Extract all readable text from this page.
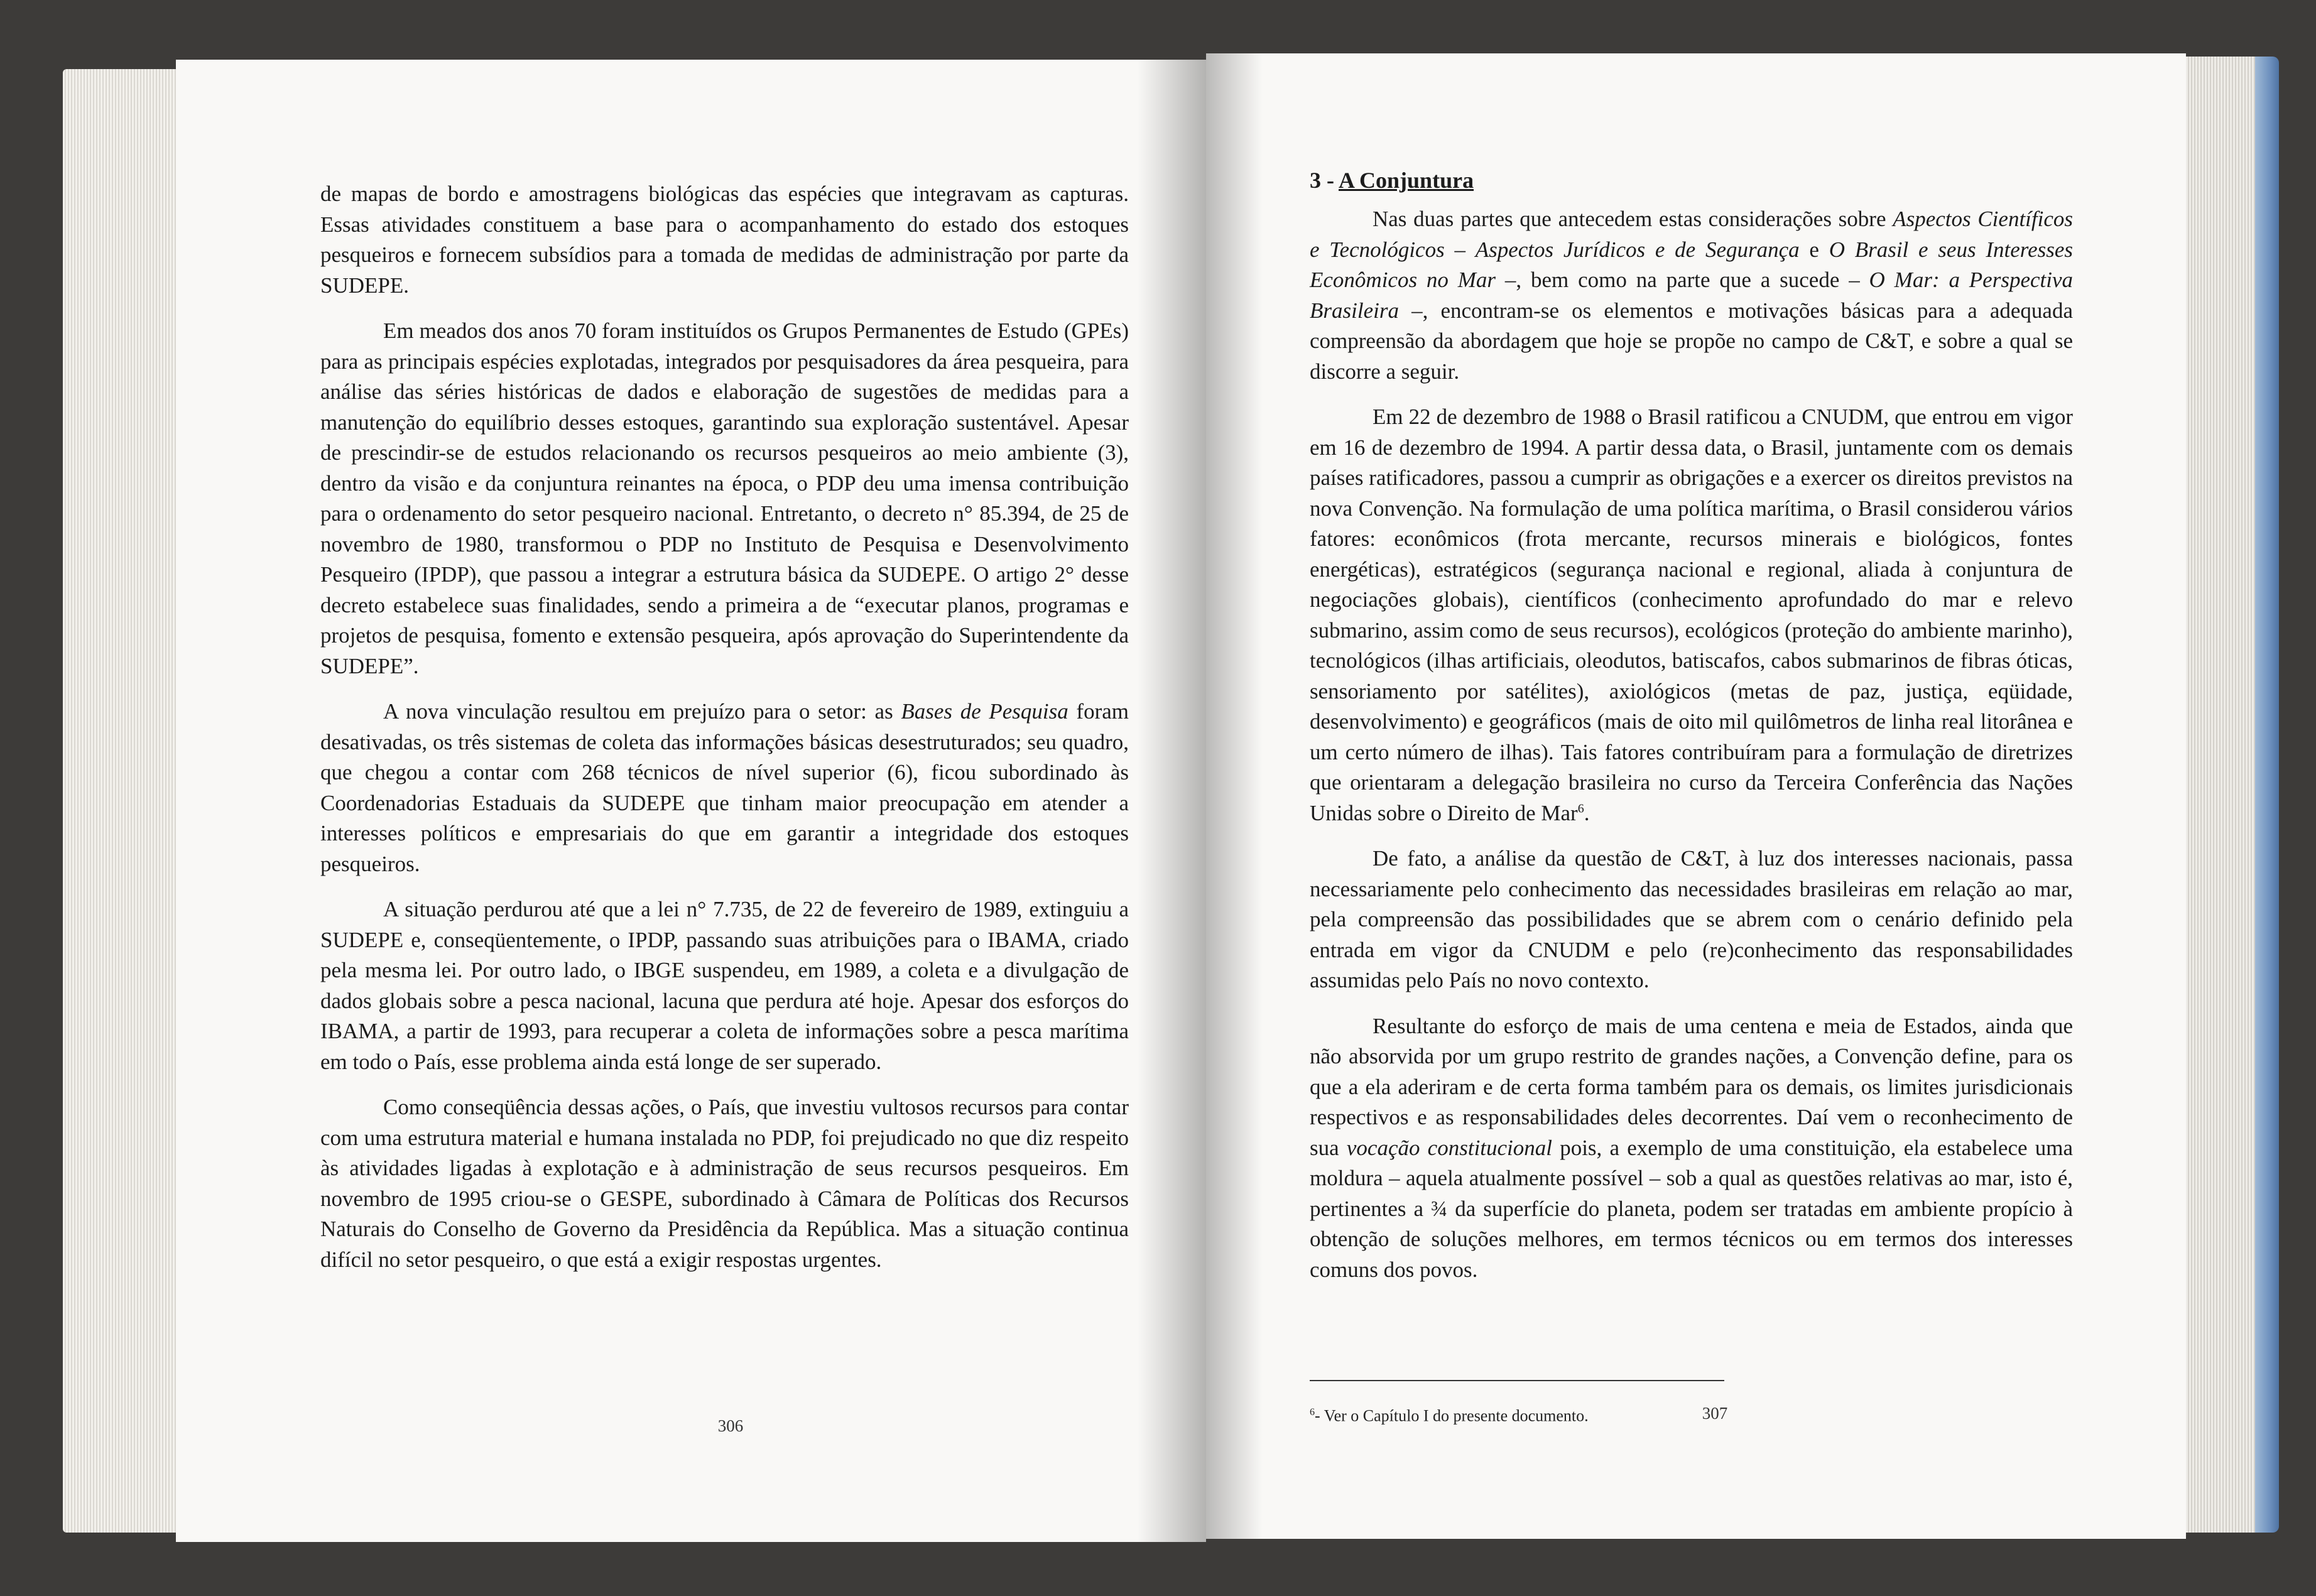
de mapas de bordo e amostragens biológicas das espécies que integravam as capturas. Essas atividades constituem a base para o acompanhamento do estado dos estoques pesqueiros e fornecem subsídios para a tomada de medidas de administração por parte da SUDEPE.

Em meados dos anos 70 foram instituídos os Grupos Permanentes de Estudo (GPEs) para as principais espécies explotadas, integrados por pesquisadores da área pesqueira, para análise das séries históricas de dados e elaboração de sugestões de medidas para a manutenção do equilíbrio desses estoques, garantindo sua exploração sustentável. Apesar de prescindir-se de estudos relacionando os recursos pesqueiros ao meio ambiente (3), dentro da visão e da conjuntura reinantes na época, o PDP deu uma imensa contribuição para o ordenamento do setor pesqueiro nacional. Entretanto, o decreto n° 85.394, de 25 de novembro de 1980, transformou o PDP no Instituto de Pesquisa e Desenvolvimento Pesqueiro (IPDP), que passou a integrar a estrutura básica da SUDEPE. O artigo 2° desse decreto estabelece suas finalidades, sendo a primeira a de “executar planos, programas e projetos de pesquisa, fomento e extensão pesqueira, após aprovação do Superintendente da SUDEPE”.

A nova vinculação resultou em prejuízo para o setor: as Bases de Pesquisa foram desativadas, os três sistemas de coleta das informações básicas desestruturados; seu quadro, que chegou a contar com 268 técnicos de nível superior (6), ficou subordinado às Coordenadorias Estaduais da SUDEPE que tinham maior preocupação em atender a interesses políticos e empresariais do que em garantir a integridade dos estoques pesqueiros.

A situação perdurou até que a lei n° 7.735, de 22 de fevereiro de 1989, extinguiu a SUDEPE e, conseqüentemente, o IPDP, passando suas atribuições para o IBAMA, criado pela mesma lei. Por outro lado, o IBGE suspendeu, em 1989, a coleta e a divulgação de dados globais sobre a pesca nacional, lacuna que perdura até hoje. Apesar dos esforços do IBAMA, a partir de 1993, para recuperar a coleta de informações sobre a pesca marítima em todo o País, esse problema ainda está longe de ser superado.

Como conseqüência dessas ações, o País, que investiu vultosos recursos para contar com uma estrutura material e humana instalada no PDP, foi prejudicado no que diz respeito às atividades ligadas à explotação e à administração de seus recursos pesqueiros. Em novembro de 1995 criou-se o GESPE, subordinado à Câmara de Políticas dos Recursos Naturais do Conselho de Governo da Presidência da República. Mas a situação continua difícil no setor pesqueiro, o que está a exigir respostas urgentes.

306
3 - A Conjuntura

Nas duas partes que antecedem estas considerações sobre Aspectos Científicos e Tecnológicos – Aspectos Jurídicos e de Segurança e O Brasil e seus Interesses Econômicos no Mar –, bem como na parte que a sucede – O Mar: a Perspectiva Brasileira –, encontram-se os elementos e motivações básicas para a adequada compreensão da abordagem que hoje se propõe no campo de C&T, e sobre a qual se discorre a seguir.

Em 22 de dezembro de 1988 o Brasil ratificou a CNUDM, que entrou em vigor em 16 de dezembro de 1994. A partir dessa data, o Brasil, juntamente com os demais países ratificadores, passou a cumprir as obrigações e a exercer os direitos previstos na nova Convenção. Na formulação de uma política marítima, o Brasil considerou vários fatores: econômicos (frota mercante, recursos minerais e biológicos, fontes energéticas), estratégicos (segurança nacional e regional, aliada à conjuntura de negociações globais), científicos (conhecimento aprofundado do mar e relevo submarino, assim como de seus recursos), ecológicos (proteção do ambiente marinho), tecnológicos (ilhas artificiais, oleodutos, batiscafos, cabos submarinos de fibras óticas, sensoriamento por satélites), axiológicos (metas de paz, justiça, eqüidade, desenvolvimento) e geográficos (mais de oito mil quilômetros de linha real litorânea e um certo número de ilhas). Tais fatores contribuíram para a formulação de diretrizes que orientaram a delegação brasileira no curso da Terceira Conferência das Nações Unidas sobre o Direito de Mar$^6$.

De fato, a análise da questão de C&T, à luz dos interesses nacionais, passa necessariamente pelo conhecimento das necessidades brasileiras em relação ao mar, pela compreensão das possibilidades que se abrem com o cenário definido pela entrada em vigor da CNUDM e pelo (re)conhecimento das responsabilidades assumidas pelo País no novo contexto.

Resultante do esforço de mais de uma centena e meia de Estados, ainda que não absorvida por um grupo restrito de grandes nações, a Convenção define, para os que a ela aderiram e de certa forma também para os demais, os limites jurisdicionais respectivos e as responsabilidades deles decorrentes. Daí vem o reconhecimento de sua vocação constitucional pois, a exemplo de uma constituição, ela estabelece uma moldura – aquela atualmente possível – sob a qual as questões relativas ao mar, isto é, pertinentes a ¾ da superfície do planeta, podem ser tratadas em ambiente propício à obtenção de soluções melhores, em termos técnicos ou em termos dos interesses comuns dos povos.

$^6$- Ver o Capítulo I do presente documento.	307
